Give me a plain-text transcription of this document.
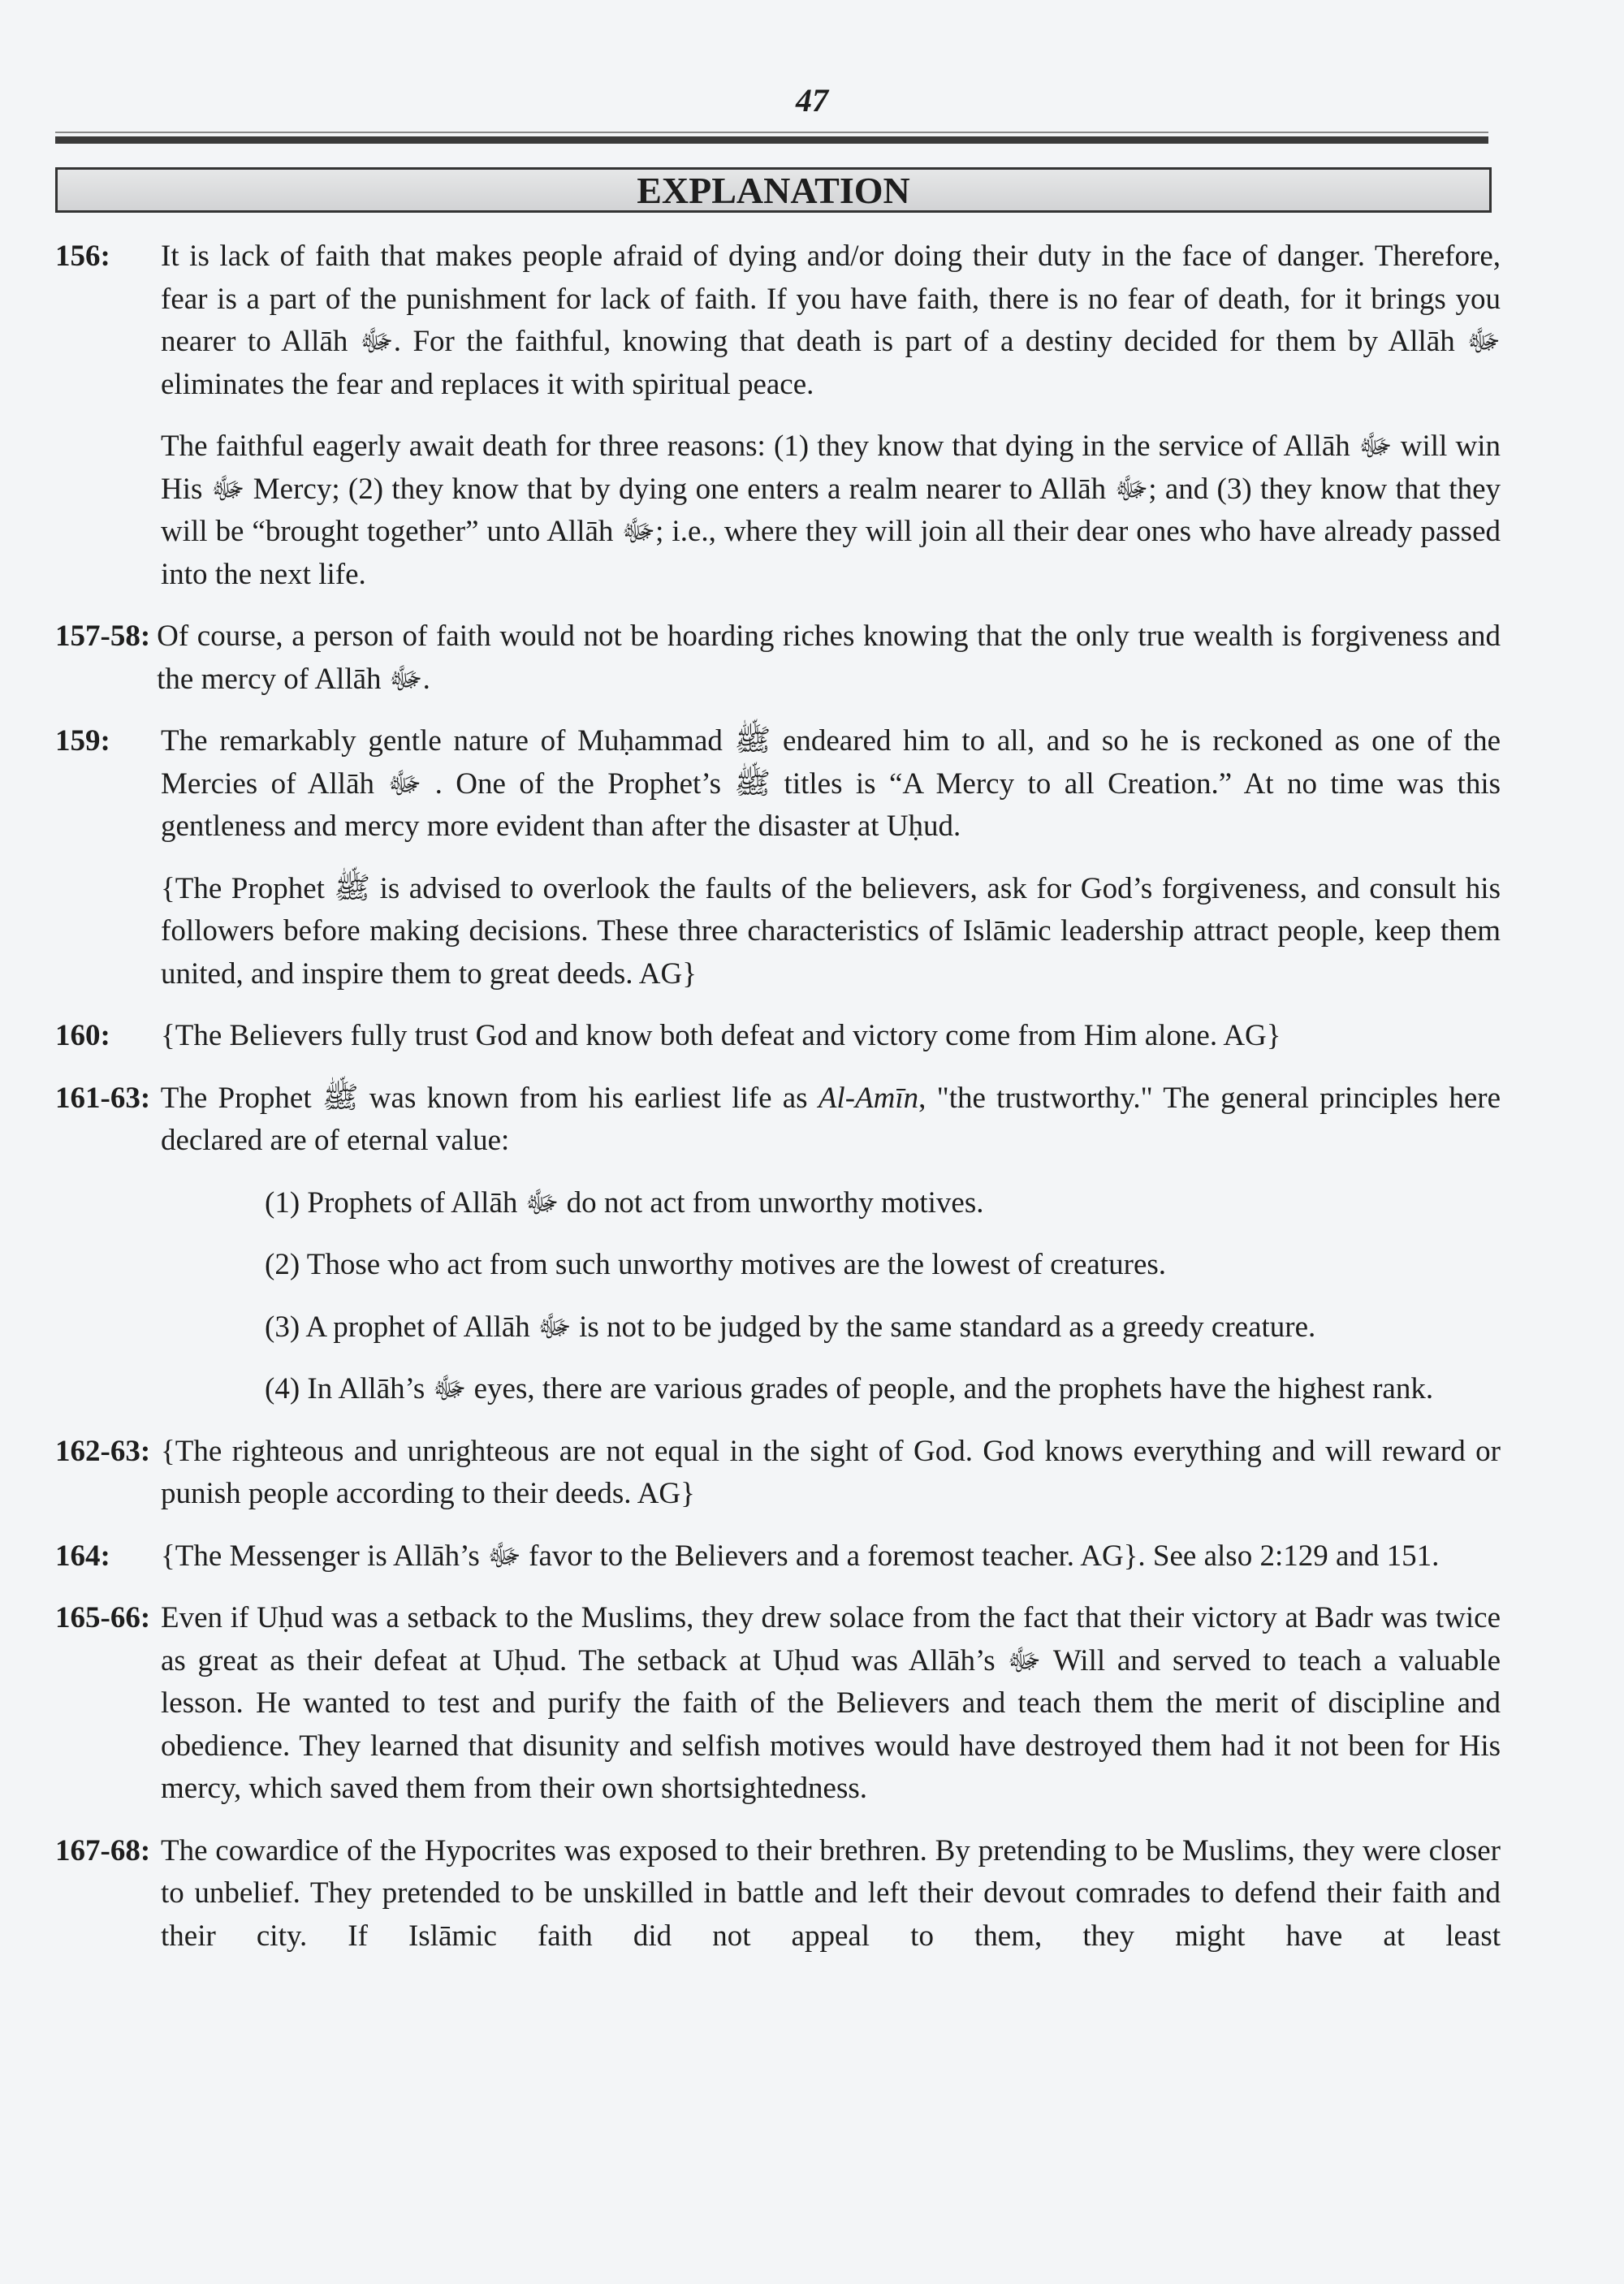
47
EXPLANATION
156:	It is lack of faith that makes people afraid of dying and/or doing their duty in the face of danger. Therefore, fear is a part of the punishment for lack of faith. If you have faith, there is no fear of death, for it brings you nearer to Allāh ﷻ. For the faithful, knowing that death is part of a destiny decided for them by Allāh ﷻ eliminates the fear and replaces it with spiritual peace.

The faithful eagerly await death for three reasons: (1) they know that dying in the service of Allāh ﷻ will win His ﷻ Mercy; (2) they know that by dying one enters a realm nearer to Allāh ﷻ; and (3) they know that they will be “brought together” unto Allāh ﷻ; i.e., where they will join all their dear ones who have already passed into the next life.

157-58: Of course, a person of faith would not be hoarding riches knowing that the only true wealth is forgiveness and the mercy of Allāh ﷻ.

159:	The remarkably gentle nature of Muḥammad ﷺ endeared him to all, and so he is reckoned as one of the Mercies of Allāh ﷻ . One of the Prophet’s ﷺ titles is “A Mercy to all Creation.” At no time was this gentleness and mercy more evident than after the disaster at Uḥud.

{The Prophet ﷺ is advised to overlook the faults of the believers, ask for God’s forgiveness, and consult his followers before making decisions. These three characteristics of Islāmic leadership attract people, keep them united, and inspire them to great deeds. AG}

160:	{The Believers fully trust God and know both defeat and victory come from Him alone. AG}

161-63: The Prophet ﷺ was known from his earliest life as Al-Amīn, "the trustworthy." The general principles here declared are of eternal value:

(1) Prophets of Allāh ﷻ do not act from unworthy motives.

(2) Those who act from such unworthy motives are the lowest of creatures.

(3) A prophet of Allāh ﷻ is not to be judged by the same standard as a greedy creature.

(4) In Allāh’s ﷻ eyes, there are various grades of people, and the prophets have the highest rank.

162-63: {The righteous and unrighteous are not equal in the sight of God. God knows everything and will reward or punish people according to their deeds. AG}

164:	{The Messenger is Allāh’s ﷻ favor to the Believers and a foremost teacher. AG}. See also 2:129 and 151.

165-66: Even if Uḥud was a setback to the Muslims, they drew solace from the fact that their victory at Badr was twice as great as their defeat at Uḥud. The setback at Uḥud was Allāh’s ﷻ Will and served to teach a valuable lesson. He wanted to test and purify the faith of the Believers and teach them the merit of discipline and obedience. They learned that disunity and selfish motives would have destroyed them had it not been for His mercy, which saved them from their own shortsightedness.

167-68: The cowardice of the Hypocrites was exposed to their brethren. By pretending to be Muslims, they were closer to unbelief. They pretended to be unskilled in battle and left their devout comrades to defend their faith and their city. If Islāmic faith did not appeal to them, they might have at least
